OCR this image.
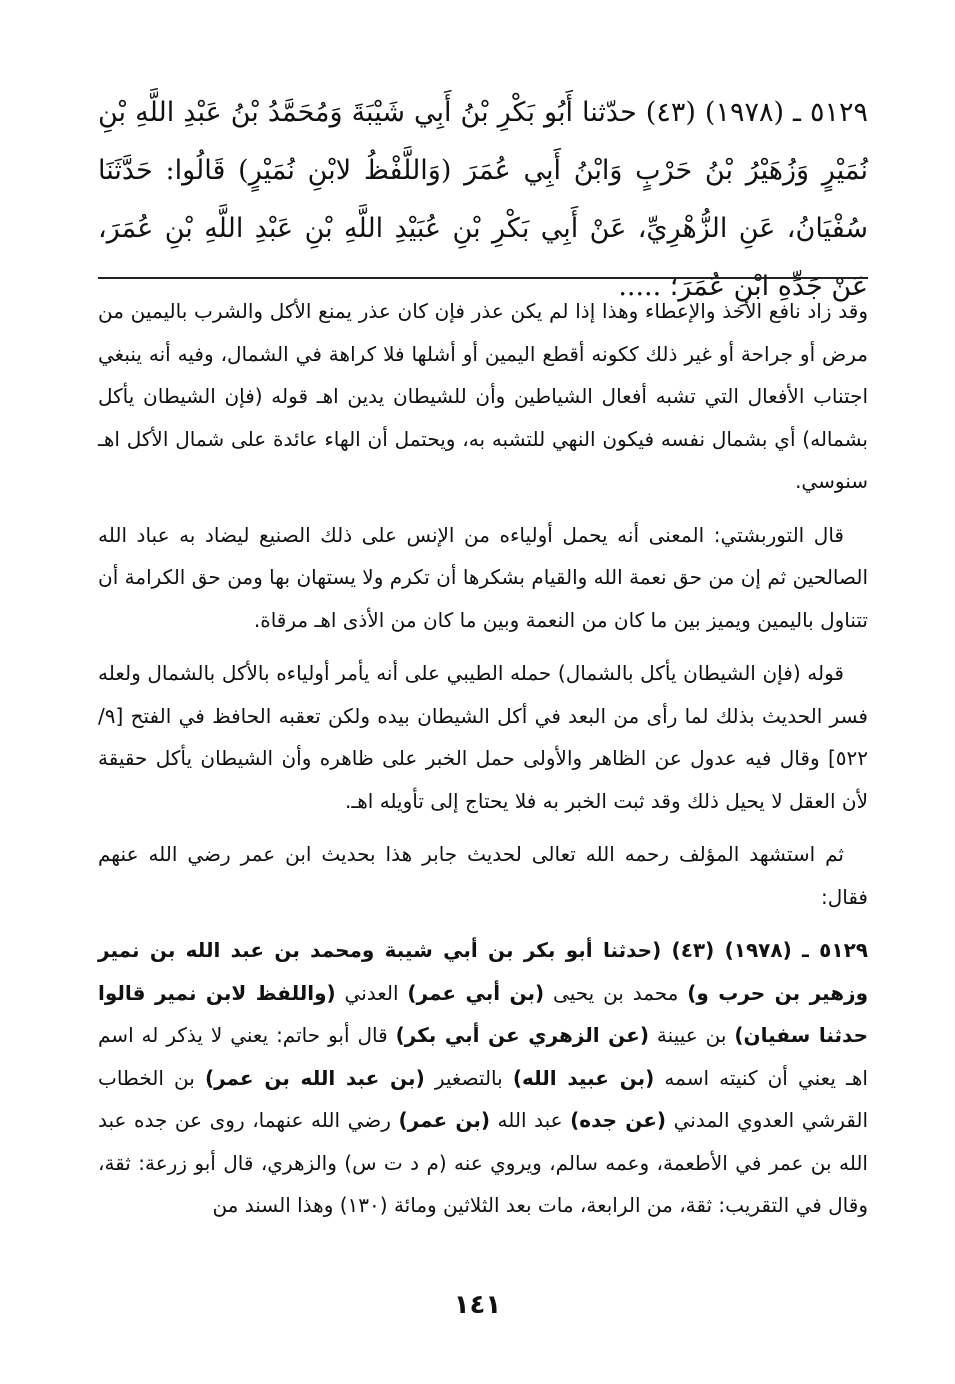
٥١٢٩ ـ (١٩٧٨) (٤٣) حدّثنا أَبُو بَكْرِ بْنُ أَبِي شَيْبَةَ وَمُحَمَّدُ بْنُ عَبْدِ اللَّهِ بْنِ نُمَيْرٍ وَزُهَيْرُ بْنُ حَرْبٍ وَابْنُ أَبِي عُمَرَ (وَاللَّفْظُ لابْنِ نُمَيْرٍ) قَالُوا: حَدَّثَنَا سُفْيَانُ، عَنِ الزُّهْرِيِّ، عَنْ أَبِي بَكْرِ بْنِ عُبَيْدِ اللَّهِ بْنِ عَبْدِ اللَّهِ بْنِ عُمَرَ، عَنْ جَدِّهِ ابْنِ عُمَرَ؛ .....

وقد زاد نافع الأخذ والإعطاء وهذا إذا لم يكن عذر فإن كان عذر يمنع الأكل والشرب باليمين من مرض أو جراحة أو غير ذلك ككونه أقطع اليمين أو أشلها فلا كراهة في الشمال، وفيه أنه ينبغي اجتناب الأفعال التي تشبه أفعال الشياطين وأن للشيطان يدين اهـ قوله (فإن الشيطان يأكل بشماله) أي بشمال نفسه فيكون النهي للتشبه به، ويحتمل أن الهاء عائدة على شمال الأكل اهـ سنوسي.

قال التوربشتي: المعنى أنه يحمل أولياءه من الإنس على ذلك الصنيع ليضاد به عباد الله الصالحين ثم إن من حق نعمة الله والقيام بشكرها أن تكرم ولا يستهان بها ومن حق الكرامة أن تتناول باليمين ويميز بين ما كان من النعمة وبين ما كان من الأذى اهـ مرقاة.

قوله (فإن الشيطان يأكل بالشمال) حمله الطيبي على أنه يأمر أولياءه بالأكل بالشمال ولعله فسر الحديث بذلك لما رأى من البعد في أكل الشيطان بيده ولكن تعقبه الحافظ في الفتح [٩/ ٥٢٢] وقال فيه عدول عن الظاهر والأولى حمل الخبر على ظاهره وأن الشيطان يأكل حقيقة لأن العقل لا يحيل ذلك وقد ثبت الخبر به فلا يحتاج إلى تأويله اهـ.

ثم استشهد المؤلف رحمه الله تعالى لحديث جابر هذا بحديث ابن عمر رضي الله عنهم فقال:

٥١٢٩ ـ (١٩٧٨) (٤٣) (حدثنا أبو بكر بن أبي شيبة ومحمد بن عبد الله بن نمير وزهير بن حرب و) محمد بن يحيى (بن أبي عمر) العدني (واللفظ لابن نمير قالوا حدثنا سفيان) بن عيينة (عن الزهري عن أبي بكر) قال أبو حاتم: يعني لا يذكر له اسم اهـ يعني أن كنيته اسمه (بن عبيد الله) بالتصغير (بن عبد الله بن عمر) بن الخطاب القرشي العدوي المدني (عن جده) عبد الله (بن عمر) رضي الله عنهما، روى عن جده عبد الله بن عمر في الأطعمة، وعمه سالم، ويروي عنه (م د ت س) والزهري، قال أبو زرعة: ثقة، وقال في التقريب: ثقة، من الرابعة، مات بعد الثلاثين ومائة (١٣٠) وهذا السند من

١٤١
